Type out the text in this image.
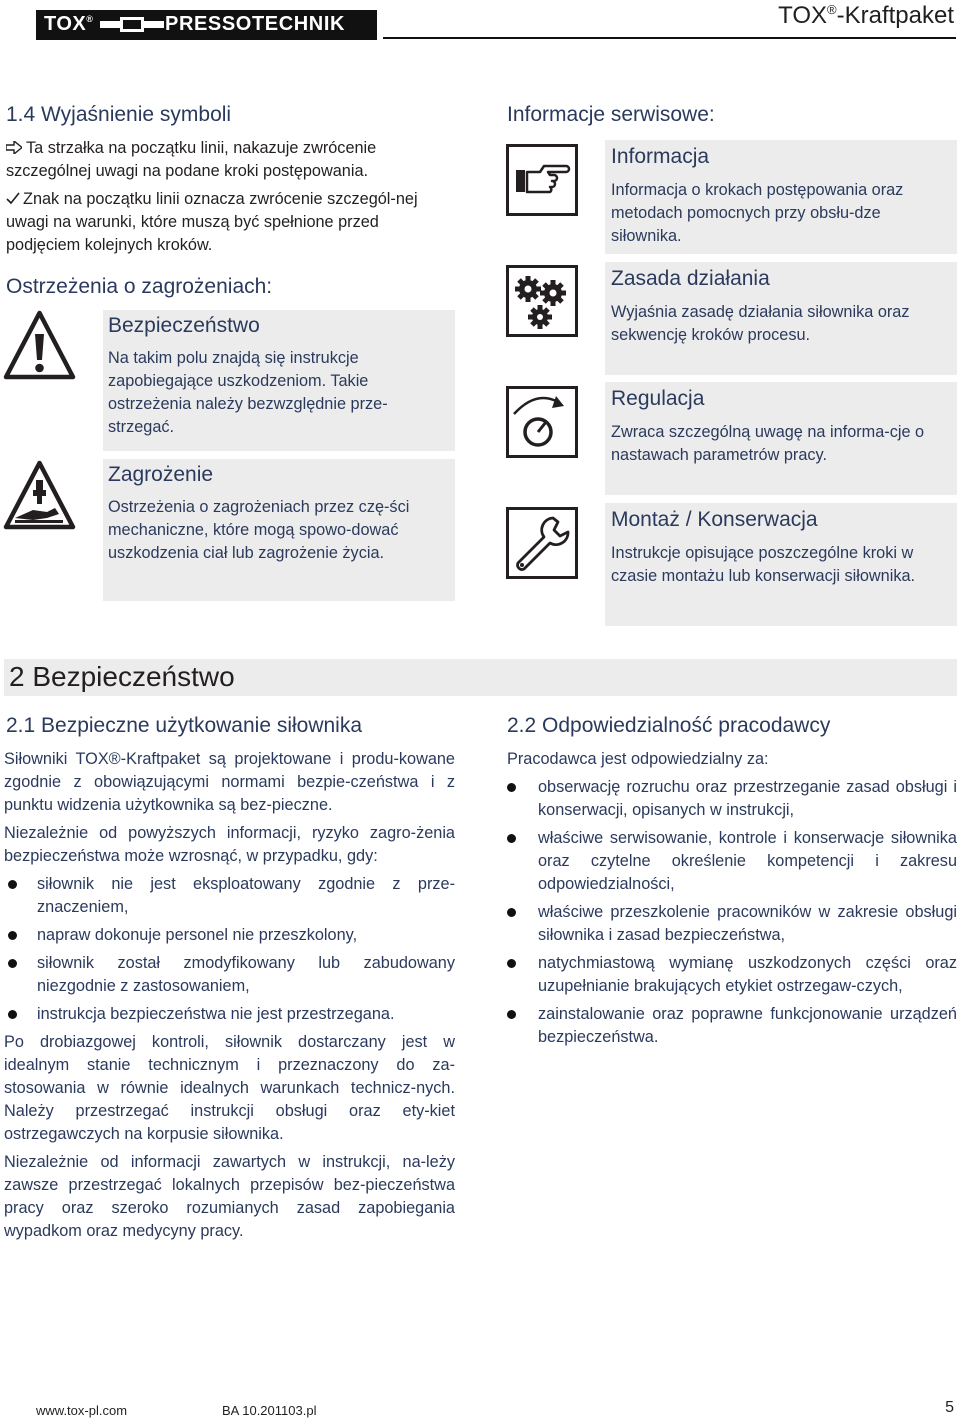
TOX®	PRESSOTECHNIK	TOX®-Kraftpaket
1.4 Wyjaśnienie symboli
Ta strzałka na początku linii, nakazuje zwrócenie szczególnej uwagi na podane kroki postępowania.
Znak na początku linii oznacza zwrócenie szczegól-nej uwagi na warunki, które muszą być spełnione przed podjęciem kolejnych kroków.
Ostrzeżenia o zagrożeniach:
Bezpieczeństwo
Na takim polu znajdą się instrukcje zapobiegające uszkodzeniom. Takie ostrzeżenia należy bezwzględnie prze-strzegać.
Zagrożenie
Ostrzeżenia o zagrożeniach przez czę-ści mechaniczne, które mogą spowo-dować uszkodzenia ciał lub zagrożenie życia.
Informacje serwisowe:
Informacja
Informacja o krokach postępowania oraz metodach pomocnych przy obsłu-dze siłownika.
Zasada działania
Wyjaśnia zasadę działania siłownika oraz sekwencję kroków procesu.
Regulacja
Zwraca szczególną uwagę na informa-cje o nastawach parametrów pracy.
Montaż / Konserwacja
Instrukcje opisujące poszczególne kroki w czasie montażu lub konserwacji siłownika.
2 Bezpieczeństwo
2.1 Bezpieczne użytkowanie siłownika

Siłowniki TOX®-Kraftpaket są projektowane i produ-kowane zgodnie z obowiązującymi normami bezpie-czeństwa i z punktu widzenia użytkownika są bez-pieczne.

Niezależnie od powyższych informacji, ryzyko zagro-żenia bezpieczeństwa może wzrosnąć, w przypadku, gdy:

siłownik nie jest eksploatowany zgodnie z prze-znaczeniem,
napraw dokonuje personel nie przeszkolony,
siłownik został zmodyfikowany lub zabudowany niezgodnie z zastosowaniem,
instrukcja bezpieczeństwa nie jest przestrzegana.

Po drobiazgowej kontroli, siłownik dostarczany jest w idealnym stanie technicznym i przeznaczony do za-stosowania w równie idealnych warunkach technicz-nych. Należy przestrzegać instrukcji obsługi oraz ety-kiet ostrzegawczych na korpusie siłownika.

Niezależnie od informacji zawartych w instrukcji, na-leży zawsze przestrzegać lokalnych przepisów bez-pieczeństwa pracy oraz szeroko rozumianych zasad zapobiegania wypadkom oraz medycyny pracy.

2.2 Odpowiedzialność pracodawcy

Pracodawca jest odpowiedzialny za:

obserwację rozruchu oraz przestrzeganie zasad obsługi i konserwacji, opisanych w instrukcji,
właściwe serwisowanie, kontrole i konserwacje siłownika oraz czytelne określenie kompetencji i zakresu odpowiedzialności,
właściwe przeszkolenie pracowników w zakresie obsługi siłownika i zasad bezpieczeństwa,
natychmiastową wymianę uszkodzonych części oraz uzupełnianie brakujących etykiet ostrzegaw-czych,
zainstalowanie oraz poprawne funkcjonowanie urządzeń bezpieczeństwa.
www.tox-pl.com	BA 10.201103.pl	5
